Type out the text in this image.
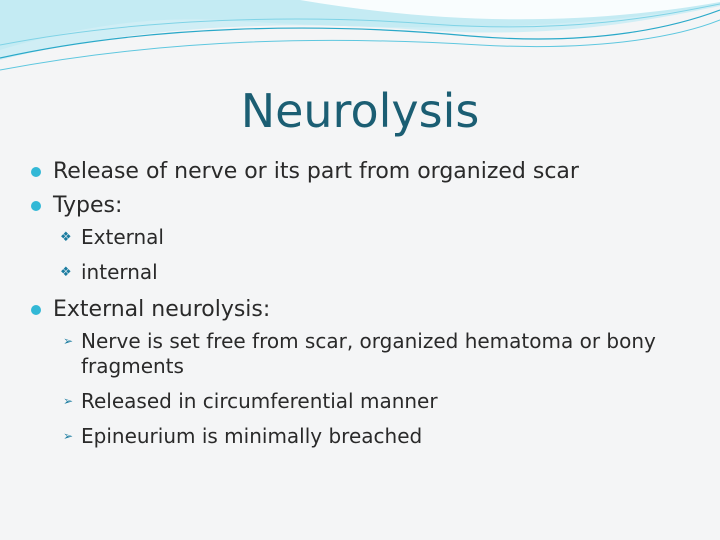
Neurolysis
Release of nerve or its part from organized scar
Types:
❖ External
❖ internal
External neurolysis:
➢ Nerve is set free from scar, organized hematoma or bony fragments
➢ Released in circumferential manner
➢ Epineurium is minimally breached
